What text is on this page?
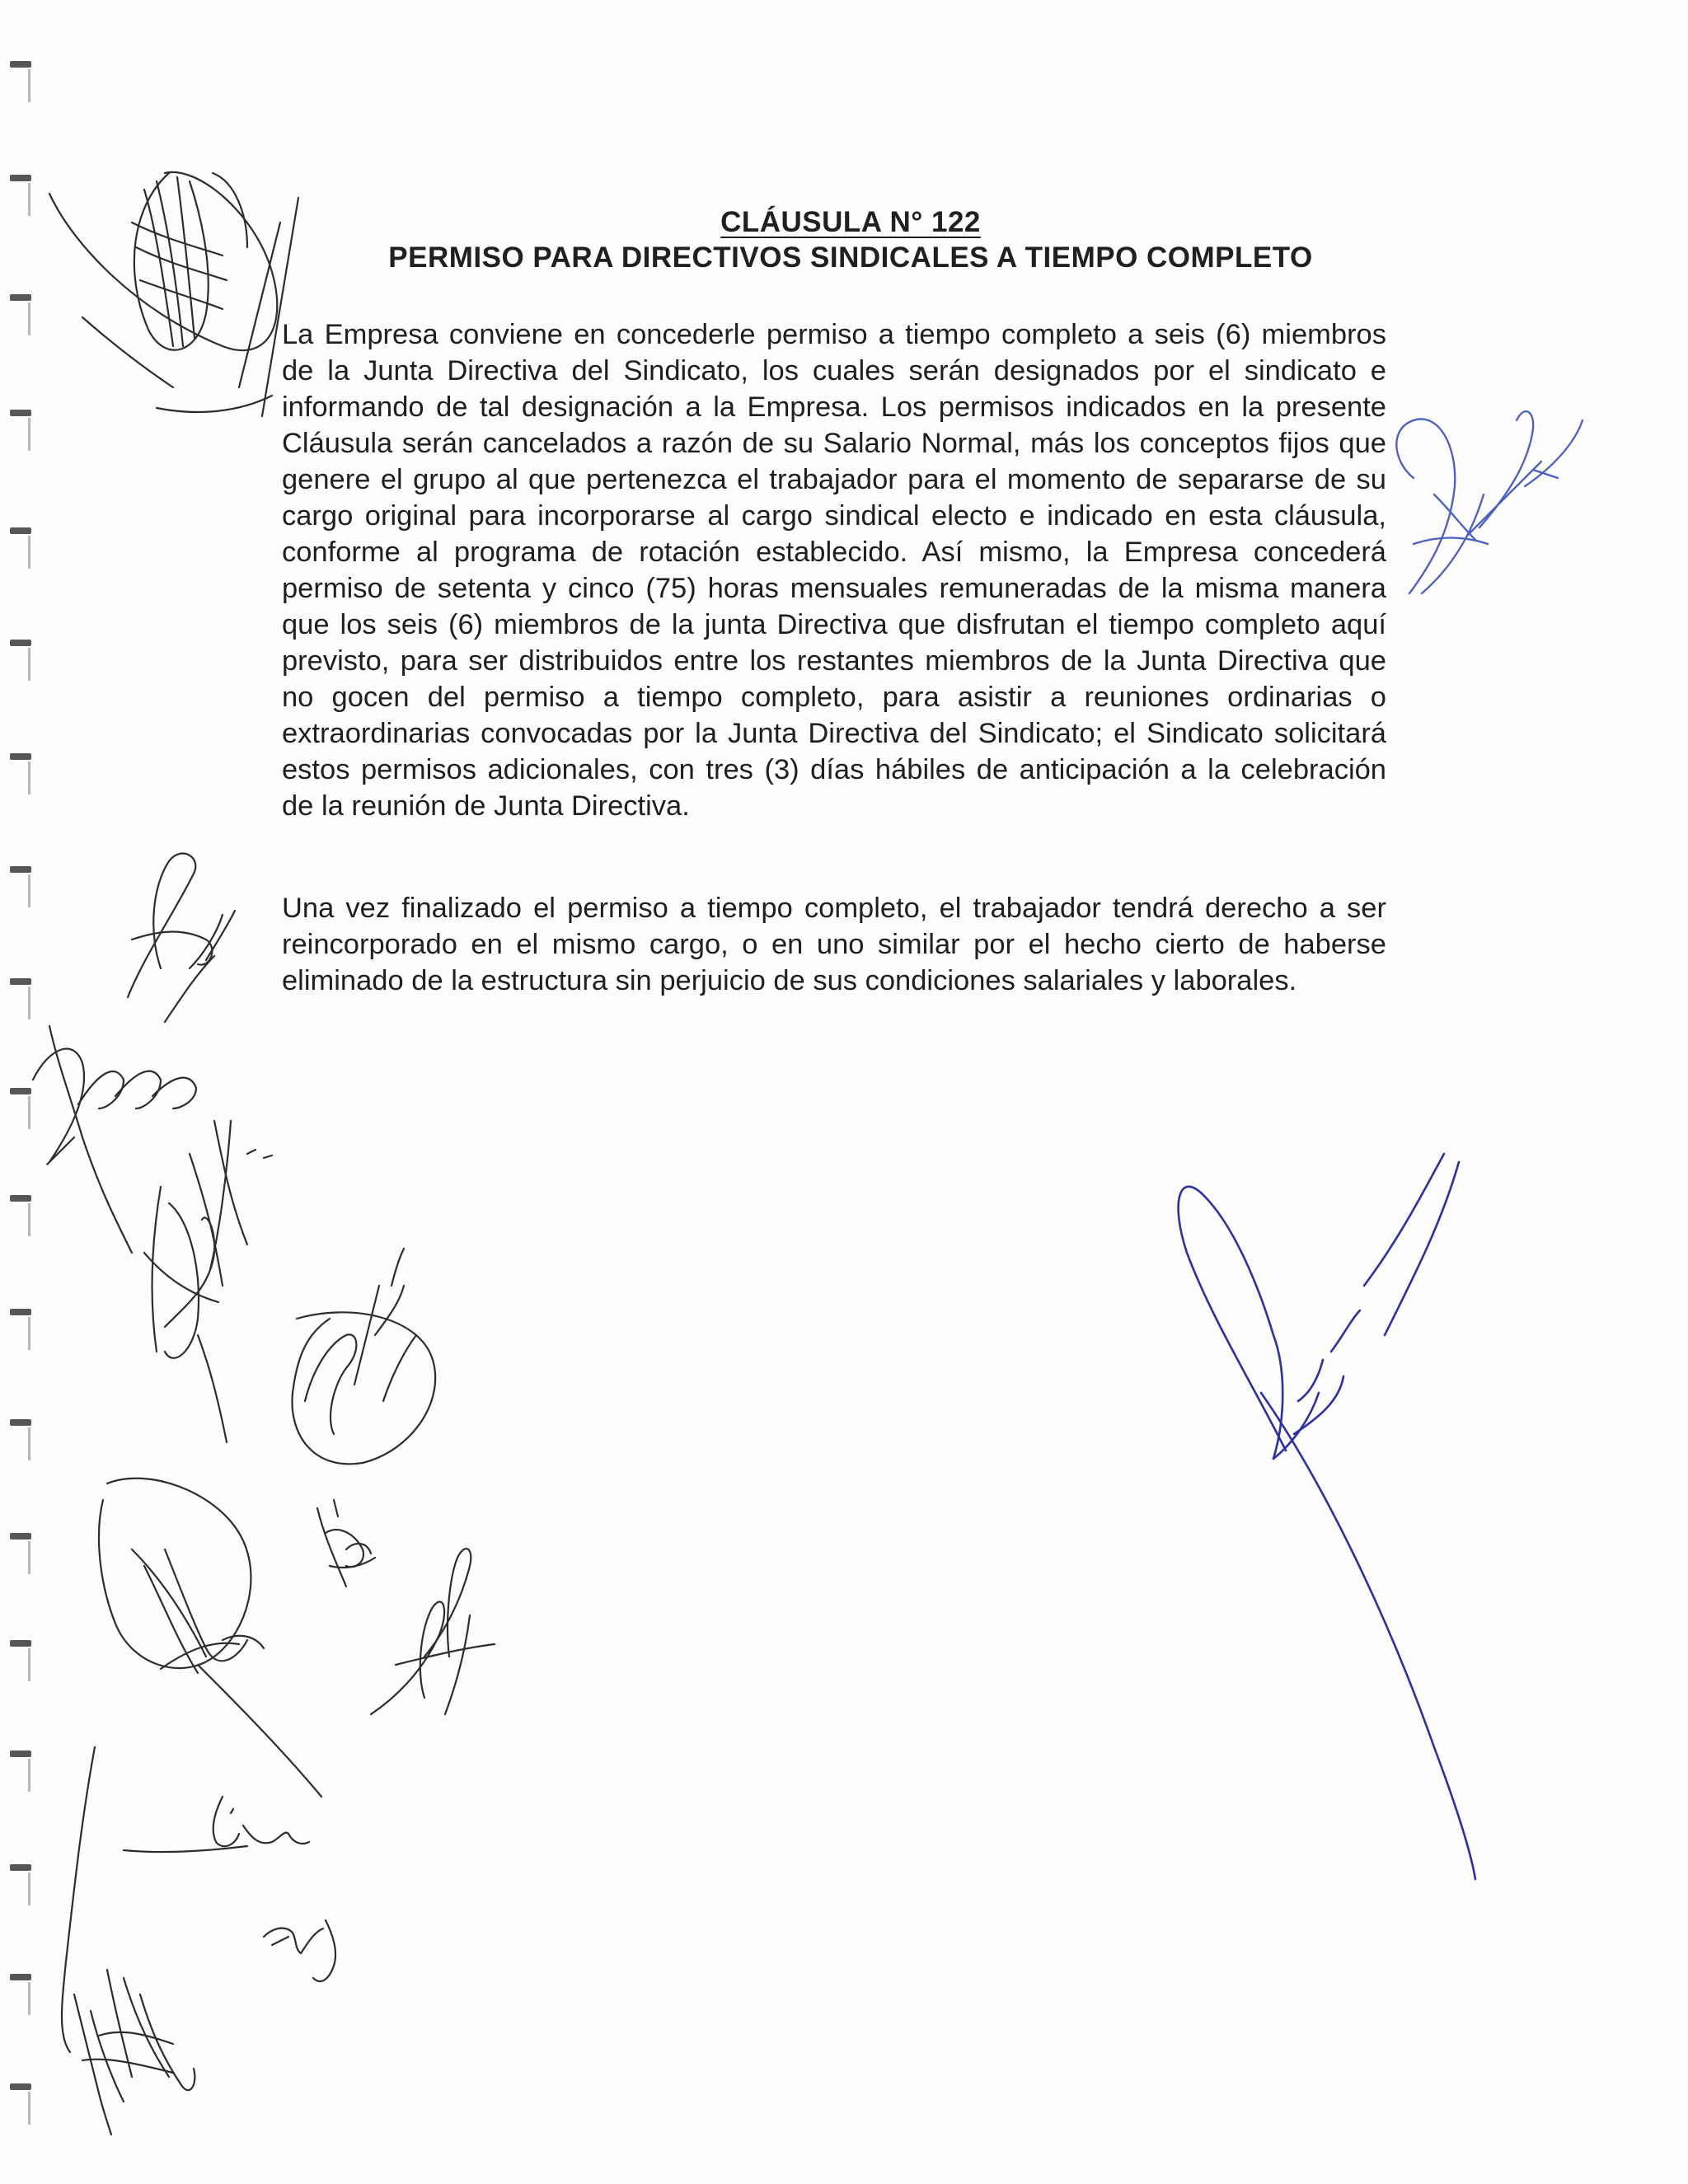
CLÁUSULA N° 122
PERMISO PARA DIRECTIVOS SINDICALES A TIEMPO COMPLETO
La Empresa conviene en concederle permiso a tiempo completo a seis (6) miembros de la Junta Directiva del Sindicato, los cuales serán designados por el sindicato e informando de tal designación a la Empresa. Los permisos indicados en la presente Cláusula serán cancelados a razón de su Salario Normal, más los conceptos fijos que genere el grupo al que pertenezca el trabajador para el momento de separarse de su cargo original para incorporarse al cargo sindical electo e indicado en esta cláusula, conforme al programa de rotación establecido. Así mismo, la Empresa concederá permiso de setenta y cinco (75) horas mensuales remuneradas de la misma manera que los seis (6) miembros de la junta Directiva que disfrutan el tiempo completo aquí previsto, para ser distribuidos entre los restantes miembros de la Junta Directiva que no gocen del permiso a tiempo completo, para asistir a reuniones ordinarias o extraordinarias convocadas por la Junta Directiva del Sindicato; el Sindicato solicitará estos permisos adicionales, con tres (3) días hábiles de anticipación a la celebración de la reunión de Junta Directiva.
Una vez finalizado el permiso a tiempo completo, el trabajador tendrá derecho a ser reincorporado en el mismo cargo, o en uno similar por el hecho cierto de haberse eliminado de la estructura sin perjuicio de sus condiciones salariales y laborales.
